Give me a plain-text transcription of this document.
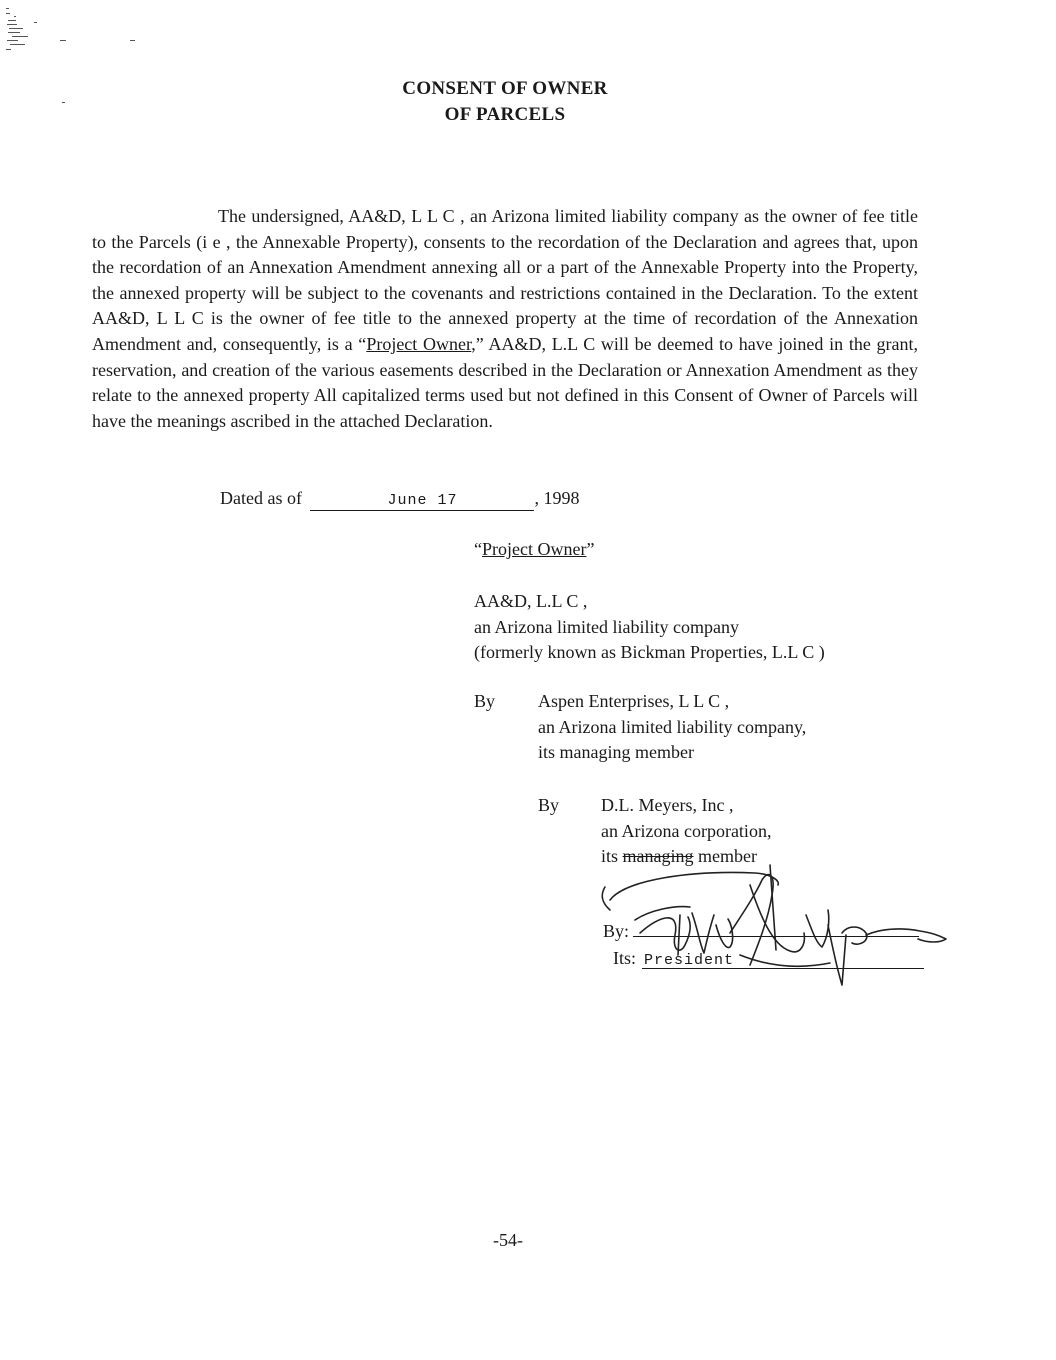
CONSENT OF OWNER
OF PARCELS

The undersigned, AA&D, L L C , an Arizona limited liability company as the owner of fee title to the Parcels (i e , the Annexable Property), consents to the recordation of the Declaration and agrees that, upon the recordation of an Annexation Amendment annexing all or a part of the Annexable Property into the Property, the annexed property will be subject to the covenants and restrictions contained in the Declaration. To the extent AA&D, L L C is the owner of fee title to the annexed property at the time of recordation of the Annexation Amendment and, consequently, is a “Project Owner,” AA&D, L.L C will be deemed to have joined in the grant, reservation, and creation of the various easements described in the Declaration or Annexation Amendment as they relate to the annexed property All capitalized terms used but not defined in this Consent of Owner of Parcels will have the meanings ascribed in the attached Declaration.

Dated as of	June 17	, 1998
“Project Owner”
AA&D, L.L C ,
an Arizona limited liability company
(formerly known as Bickman Properties, L.L C )
By Aspen Enterprises, L L C ,
an Arizona limited liability company,
its managing member
By D.L. Meyers, Inc ,
an Arizona corporation,
its managing member
By:
Its: President
-54-
